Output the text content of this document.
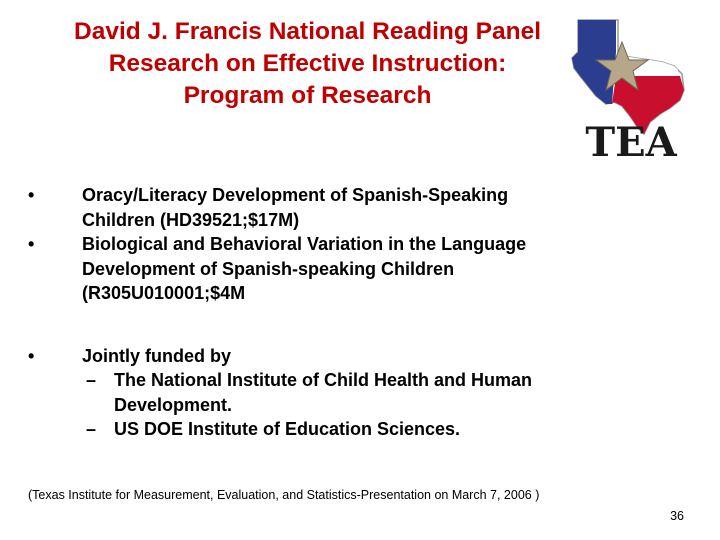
David J. Francis National Reading Panel
Research on Effective Instruction:
Program of Research
TEA
•	Oracy/Literacy Development of Spanish-Speaking
Children (HD39521;$17M)
•	Biological and Behavioral Variation in the Language
Development of Spanish-speaking Children
(R305U010001;$4M
•	Jointly funded by
– The National Institute of Child Health and Human
Development.
– US DOE Institute of Education Sciences.
(Texas Institute for Measurement, Evaluation, and Statistics-Presentation on March 7, 2006 )
36
